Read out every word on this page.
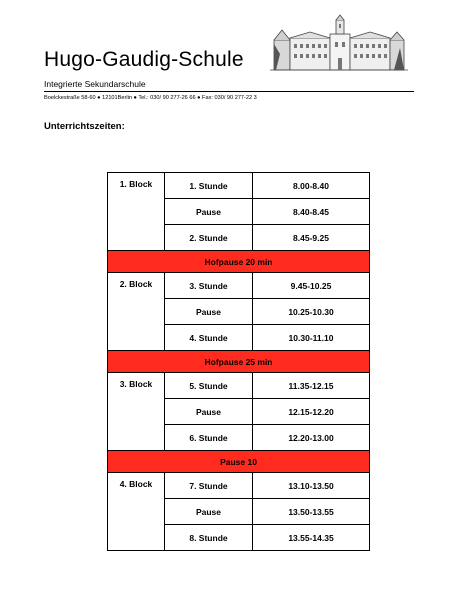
Hugo-Gaudig-Schule
Integrierte Sekundarschule
Boelckestraße 58-60 ● 12101Berlin ● Tel.: 030/ 90 277-26 66 ● Fax: 030/ 90 277-22 3
Unterrichtszeiten:
1. Block	1. Stunde	8.00-8.40
	Pause	8.40-8.45
	2. Stunde	8.45-9.25
Hofpause 20 min		
2. Block	3. Stunde	9.45-10.25
	Pause	10.25-10.30
	4. Stunde	10.30-11.10
Hofpause 25 min		
3. Block	5. Stunde	11.35-12.15
	Pause	12.15-12.20
	6. Stunde	12.20-13.00
Pause 10		
4. Block	7. Stunde	13.10-13.50
	Pause	13.50-13.55
	8. Stunde	13.55-14.35
